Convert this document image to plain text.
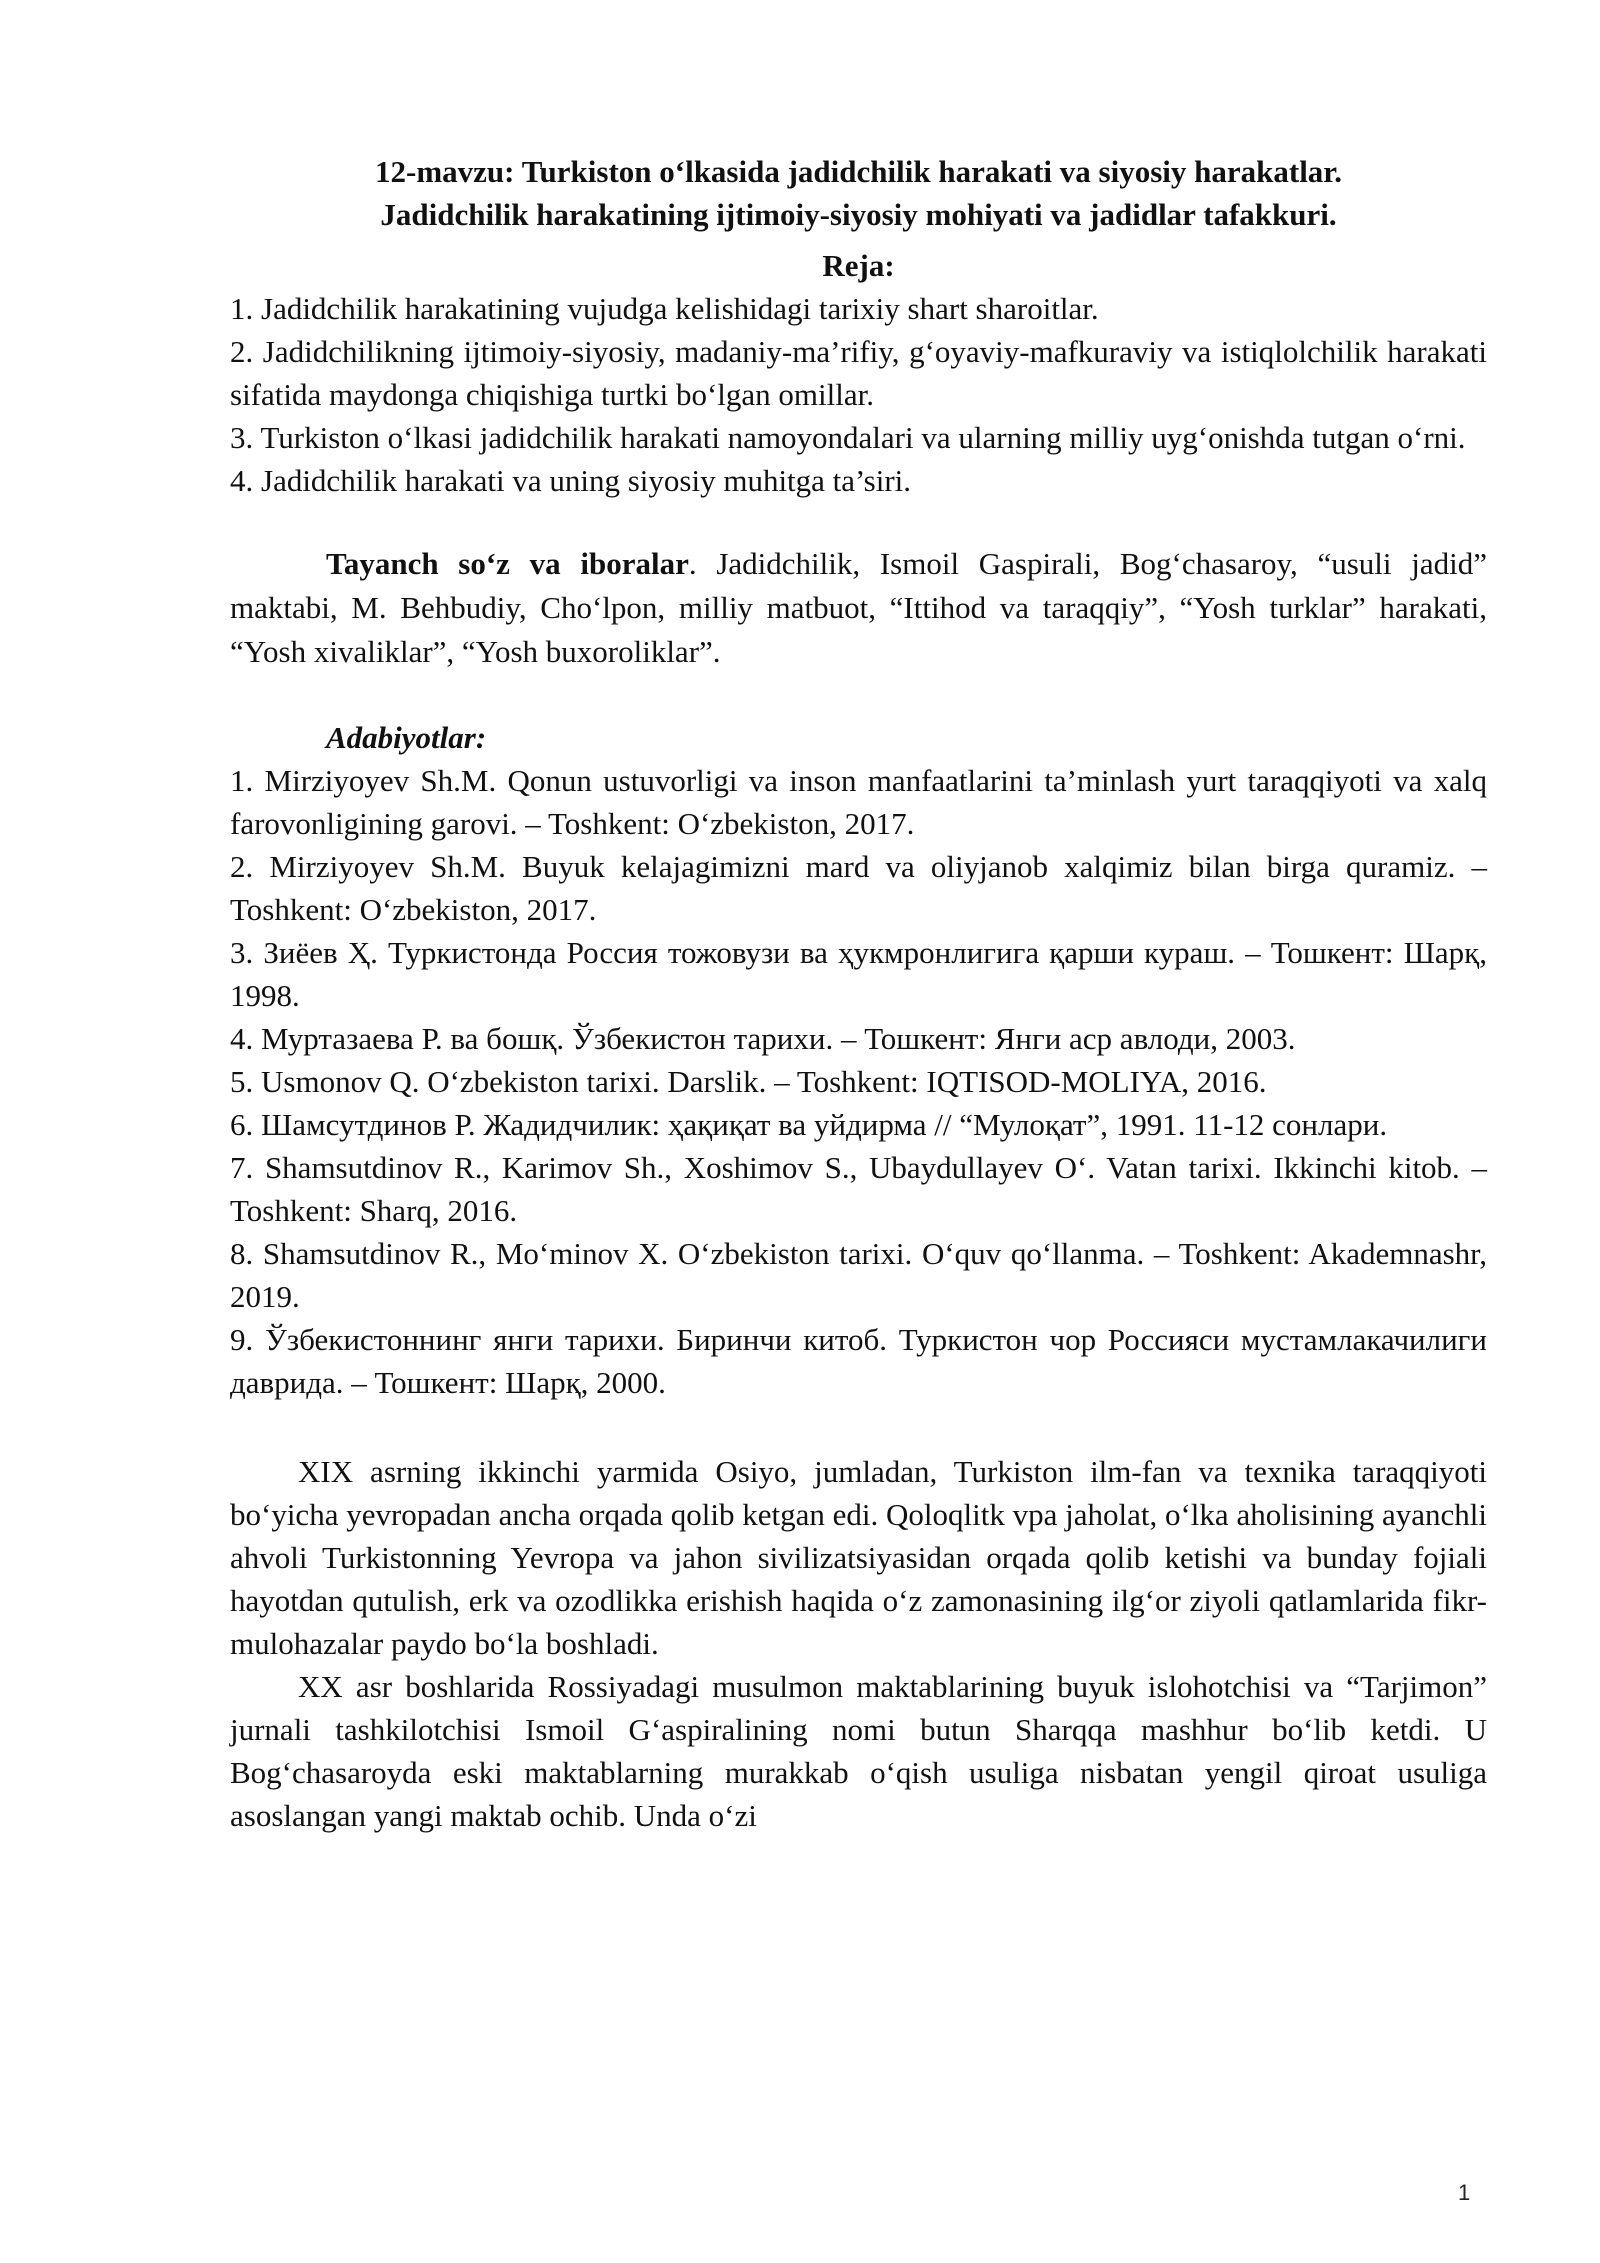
12-mavzu: Turkiston o‘lkasida jadidchilik harakati va siyosiy harakatlar.
Jadidchilik harakatining ijtimoiy-siyosiy mohiyati va jadidlar tafakkuri.
Reja:
1. Jadidchilik harakatining vujudga kelishidagi tarixiy shart sharoitlar.
2. Jadidchilikning ijtimoiy-siyosiy, madaniy-ma’rifiy, g‘oyaviy-mafkuraviy va istiqlolchilik harakati sifatida maydonga chiqishiga turtki bo‘lgan omillar.
3. Turkiston o‘lkasi jadidchilik harakati namoyondalari va ularning milliy uyg‘onishda tutgan o‘rni.
4. Jadidchilik harakati va uning siyosiy muhitga ta’siri.

Tayanch so‘z va iboralar. Jadidchilik, Ismoil Gaspirali, Bog‘chasaroy, “usuli jadid” maktabi, M. Behbudiy, Cho‘lpon, milliy matbuot, “Ittihod va taraqqiy”, “Yosh turklar” harakati, “Yosh xivaliklar”, “Yosh buxoroliklar”.

Adabiyotlar:
1. Mirziyoyev Sh.M. Qonun ustuvorligi va inson manfaatlarini ta’minlash yurt taraqqiyoti va xalq farovonligining garovi. – Toshkent: O‘zbekiston, 2017.
2. Mirziyoyev Sh.M. Buyuk kelajagimizni mard va oliyjanob xalqimiz bilan birga quramiz. – Toshkent: O‘zbekiston, 2017.
3. Зиёев Ҳ. Туркистонда Россия тожовузи ва ҳукмронлигига қарши кураш. – Тошкент: Шарқ, 1998.
4. Муртазаева Р. ва бошқ. Ўзбекистон тарихи. – Тошкент: Янги аср авлоди, 2003.
5. Usmonov Q. O‘zbekiston tarixi. Darslik. – Toshkent: IQTISOD-MOLIYA, 2016.
6. Шамсутдинов Р. Жадидчилик: ҳақиқат ва уйдирма // “Мулоқат”, 1991. 11-12 сонлари.
7. Shamsutdinov R., Karimov Sh., Xoshimov S., Ubaydullayev O‘. Vatan tarixi. Ikkinchi kitob. – Toshkent: Sharq, 2016.
8. Shamsutdinov R., Mo‘minov X. O‘zbekiston tarixi. O‘quv qo‘llanma. – Toshkent: Akademnashr, 2019.
9. Ўзбекистоннинг янги тарихи. Биринчи китоб. Туркистон чор Россияси мустамлакачилиги даврида. – Тошкент: Шарқ, 2000.

XIX asrning ikkinchi yarmida Osiyo, jumladan, Turkiston ilm-fan va texnika taraqqiyoti bo‘yicha yevropadan ancha orqada qolib ketgan edi. Qoloqlitk vpa jaholat, o‘lka aholisining ayanchli ahvoli Turkistonning Yevropa va jahon sivilizatsiyasidan orqada qolib ketishi va bunday fojiali hayotdan qutulish, erk va ozodlikka erishish haqida o‘z zamonasining ilg‘or ziyoli qatlamlarida fikr-mulohazalar paydo bo‘la boshladi.

XX asr boshlarida Rossiyadagi musulmon maktablarining buyuk islohotchisi va “Tarjimon” jurnali tashkilotchisi Ismoil G‘aspiralining nomi butun Sharqqa mashhur bo‘lib ketdi. U Bog‘chasaroyda eski maktablarning murakkab o‘qish usuliga nisbatan yengil qiroat usuliga asoslangan yangi maktab ochib. Unda o‘zi

1
